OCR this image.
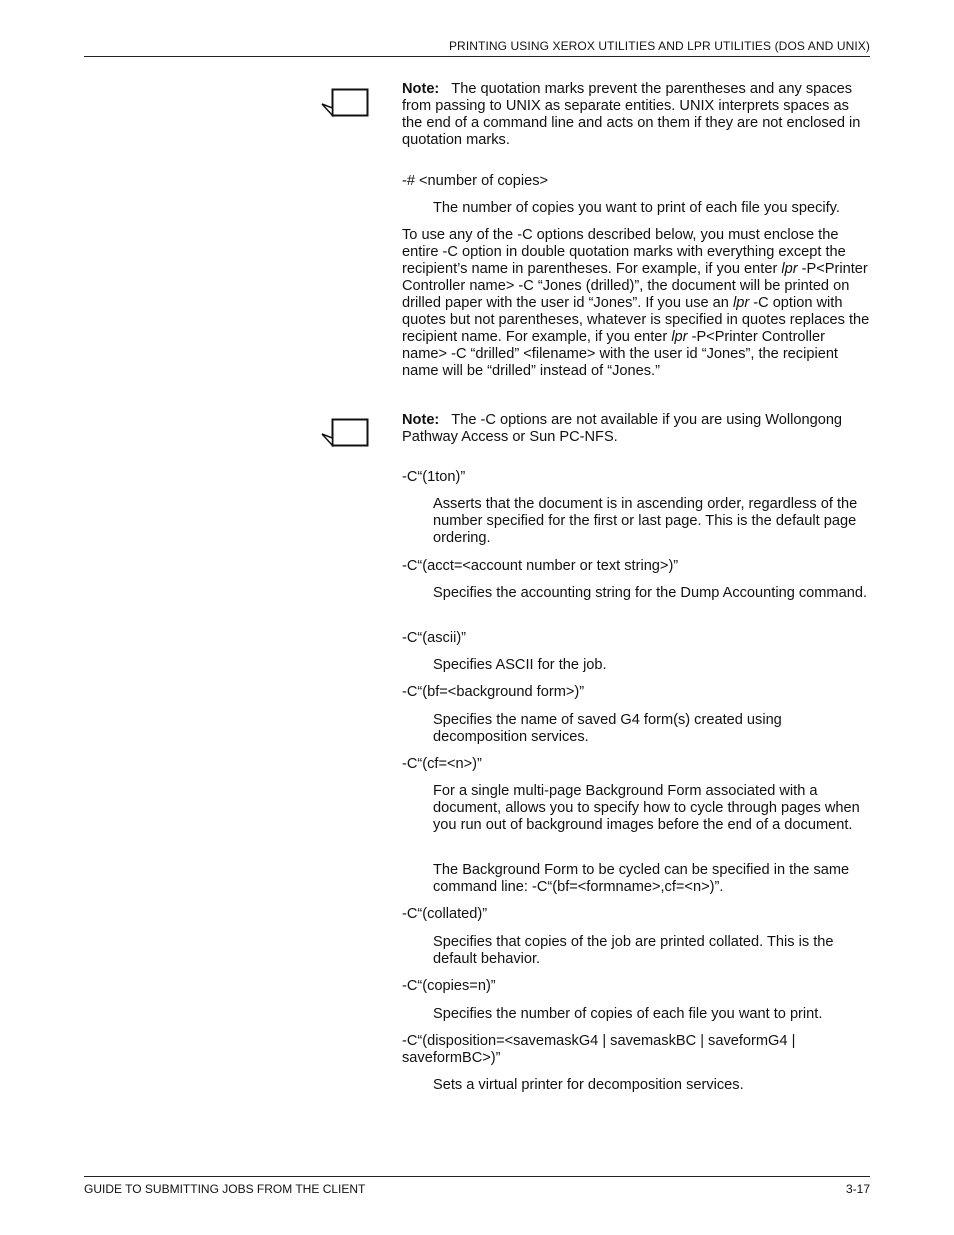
PRINTING USING XEROX UTILITIES AND LPR UTILITIES (DOS AND UNIX)

Note: The quotation marks prevent the parentheses and any spaces from passing to UNIX as separate entities. UNIX interprets spaces as the end of a command line and acts on them if they are not enclosed in quotation marks.

-# <number of copies>
The number of copies you want to print of each file you specify.

To use any of the -C options described below, you must enclose the entire -C option in double quotation marks with everything except the recipient’s name in parentheses. For example, if you enter lpr -P<Printer Controller name> -C “Jones (drilled)”, the document will be printed on drilled paper with the user id “Jones”. If you use an lpr -C option with quotes but not parentheses, whatever is specified in quotes replaces the recipient name. For example, if you enter lpr -P<Printer Controller name> -C “drilled” <filename> with the user id “Jones”, the recipient name will be “drilled” instead of “Jones.”

Note: The -C options are not available if you are using Wollongong Pathway Access or Sun PC-NFS.

-C“(1ton)”
Asserts that the document is in ascending order, regardless of the number specified for the first or last page. This is the default page ordering.
-C“(acct=<account number or text string>)”
Specifies the accounting string for the Dump Accounting command.
-C“(ascii)”
Specifies ASCII for the job.
-C“(bf=<background form>)”
Specifies the name of saved G4 form(s) created using decomposition services.
-C“(cf=<n>)”
For a single multi-page Background Form associated with a document, allows you to specify how to cycle through pages when you run out of background images before the end of a document.
The Background Form to be cycled can be specified in the same command line: -C“(bf=<formname>,cf=<n>)”.
-C“(collated)”
Specifies that copies of the job are printed collated. This is the default behavior.
-C“(copies=n)”
Specifies the number of copies of each file you want to print.
-C“(disposition=<savemaskG4 | savemaskBC | saveformG4 | saveformBC>)”
Sets a virtual printer for decomposition services.
GUIDE TO SUBMITTING JOBS FROM THE CLIENT	3-17
